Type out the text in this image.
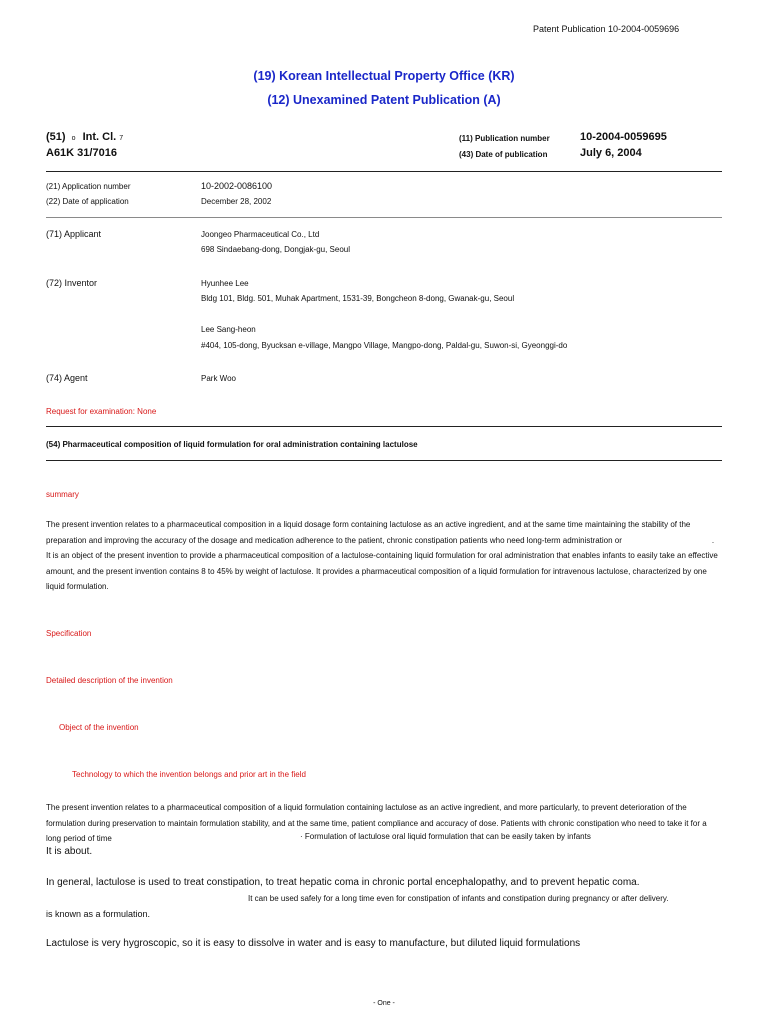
Patent Publication 10-2004-0059696
(19) Korean Intellectual Property Office (KR)
(12) Unexamined Patent Publication (A)
(51) o Int. Cl. 7
A61K 31/7016
(11) Publication number	10-2004-0059695
(43) Date of publication	July 6, 2004
(21) Application number	10-2002-0086100
(22) Date of application	December 28, 2002
(71) Applicant	Joongeo Pharmaceutical Co., Ltd
698 Sindaebang-dong, Dongjak-gu, Seoul
(72) Inventor	Hyunhee Lee
Bldg 101, Bldg. 501, Muhak Apartment, 1531-39, Bongcheon 8-dong, Gwanak-gu, Seoul
Lee Sang-heon
#404, 105-dong, Byucksan e-village, Mangpo Village, Mangpo-dong, Paldal-gu, Suwon-si, Gyeonggi-do
(74) Agent	Park Woo
Request for examination: None
(54) Pharmaceutical composition of liquid formulation for oral administration containing lactulose
summary
The present invention relates to a pharmaceutical composition in a liquid dosage form containing lactulose as an active ingredient, and at the same time maintaining the stability of the preparation and improving the accuracy of the dosage and medication adherence to the patient, chronic constipation patients who need long-term administration or	.
It is an object of the present invention to provide a pharmaceutical composition of a lactulose-containing liquid formulation for oral administration that enables infants to easily take an effective amount, and the present invention contains 8 to 45% by weight of lactulose. It provides a pharmaceutical composition of a liquid formulation for intravenous lactulose, characterized by one liquid formulation.
Specification
Detailed description of the invention
Object of the invention
Technology to which the invention belongs and prior art in the field
The present invention relates to a pharmaceutical composition of a liquid formulation containing lactulose as an active ingredient, and more particularly, to prevent deterioration of the formulation during preservation to maintain formulation stability, and at the same time, patient compliance and accuracy of dose. Patients with chronic constipation who need to take it for a long period of time	· Formulation of lactulose oral liquid formulation that can be easily taken by infants
It is about.
In general, lactulose is used to treat constipation, to treat hepatic coma in chronic portal encephalopathy, and to prevent hepatic coma.
It can be used safely for a long time even for constipation of infants and constipation during pregnancy or after delivery.
is known as a formulation.
Lactulose is very hygroscopic, so it is easy to dissolve in water and is easy to manufacture, but diluted liquid formulations
- One -
